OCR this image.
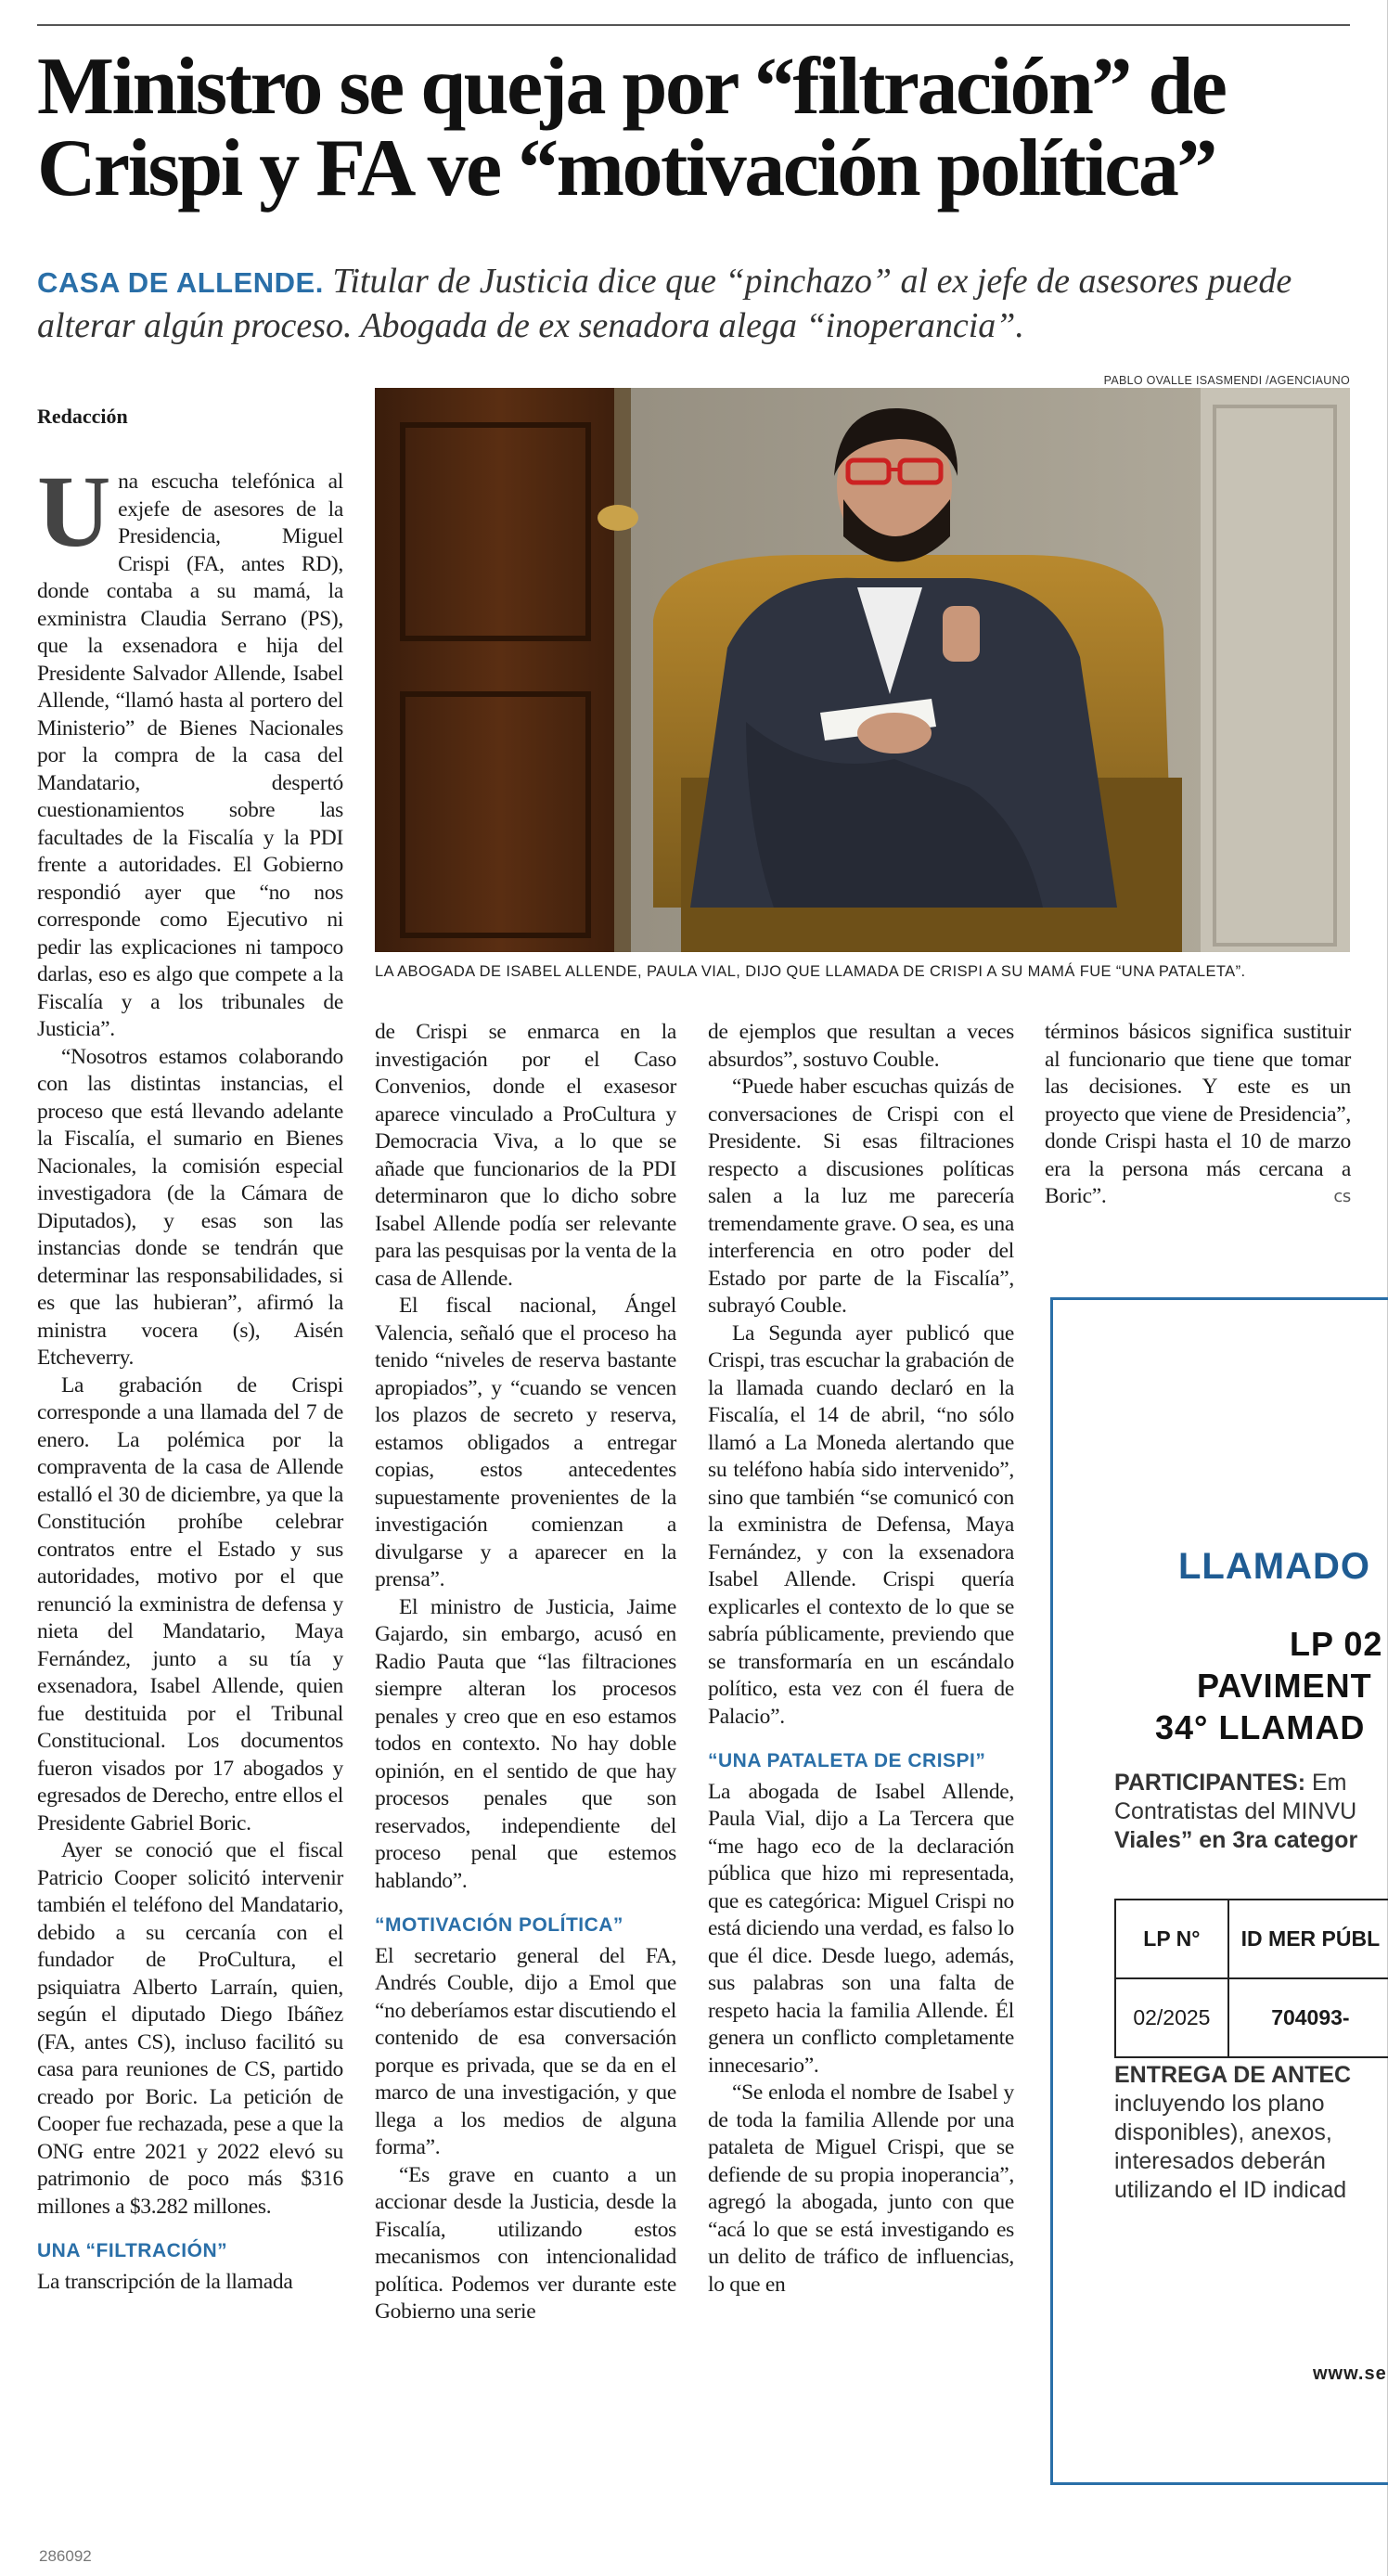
Ministro se queja por “filtración” de
Crispi y FA ve “motivación política”
CASA DE ALLENDE. Titular de Justicia dice que “pinchazo” al ex jefe de asesores puede alterar algún proceso. Abogada de ex senadora alega “inoperancia”.
Redacción
PABLO OVALLE ISASMENDI /AGENCIAUNO
LA ABOGADA DE ISABEL ALLENDE, PAULA VIAL, DIJO QUE LLAMADA DE CRISPI A SU MAMÁ FUE “UNA PATALETA”.

Una escucha telefónica al exjefe de asesores de la Presidencia, Miguel Crispi (FA, antes RD), donde contaba a su mamá, la exministra Claudia Serrano (PS), que la exsenadora e hija del Presidente Salvador Allende, Isabel Allende, “llamó hasta al portero del Ministerio” de Bienes Nacionales por la compra de la casa del Mandatario, despertó cuestionamientos sobre las facultades de la Fiscalía y la PDI frente a autoridades. El Gobierno respondió ayer que “no nos corresponde como Ejecutivo ni pedir las explicaciones ni tampoco darlas, eso es algo que compete a la Fiscalía y a los tribunales de Justicia”.

“Nosotros estamos colaborando con las distintas instancias, el proceso que está llevando adelante la Fiscalía, el sumario en Bienes Nacionales, la comisión especial investigadora (de la Cámara de Diputados), y esas son las instancias donde se tendrán que determinar las responsabilidades, si es que las hubieran”, afirmó la ministra vocera (s), Aisén Etcheverry.

La grabación de Crispi corresponde a una llamada del 7 de enero. La polémica por la compraventa de la casa de Allende estalló el 30 de diciembre, ya que la Constitución prohíbe celebrar contratos entre el Estado y sus autoridades, motivo por el que renunció la exministra de defensa y nieta del Mandatario, Maya Fernández, junto a su tía y exsenadora, Isabel Allende, quien fue destituida por el Tribunal Constitucional. Los documentos fueron visados por 17 abogados y egresados de Derecho, entre ellos el Presidente Gabriel Boric.

Ayer se conoció que el fiscal Patricio Cooper solicitó intervenir también el teléfono del Mandatario, debido a su cercanía con el fundador de ProCultura, el psiquiatra Alberto Larraín, quien, según el diputado Diego Ibáñez (FA, antes CS), incluso facilitó su casa para reuniones de CS, partido creado por Boric. La petición de Cooper fue rechazada, pese a que la ONG entre 2021 y 2022 elevó su patrimonio de poco más $316 millones a $3.282 millones.

UNA “FILTRACIÓN”

La transcripción de la llamada

de Crispi se enmarca en la investigación por el Caso Convenios, donde el exasesor aparece vinculado a ProCultura y Democracia Viva, a lo que se añade que funcionarios de la PDI determinaron que lo dicho sobre Isabel Allende podía ser relevante para las pesquisas por la venta de la casa de Allende.

El fiscal nacional, Ángel Valencia, señaló que el proceso ha tenido “niveles de reserva bastante apropiados”, y “cuando se vencen los plazos de secreto y reserva, estamos obligados a entregar copias, estos antecedentes supuestamente provenientes de la investigación comienzan a divulgarse y a aparecer en la prensa”.

El ministro de Justicia, Jaime Gajardo, sin embargo, acusó en Radio Pauta que “las filtraciones siempre alteran los procesos penales y creo que en eso estamos todos en contexto. No hay doble opinión, en el sentido de que hay procesos penales que son reservados, independiente del proceso penal que estemos hablando”.

“MOTIVACIÓN POLÍTICA”

El secretario general del FA, Andrés Couble, dijo a Emol que “no deberíamos estar discutiendo el contenido de esa conversación porque es privada, que se da en el marco de una investigación, y que llega a los medios de alguna forma”.

“Es grave en cuanto a un accionar desde la Justicia, desde la Fiscalía, utilizando estos mecanismos con intencionalidad política. Podemos ver durante este Gobierno una serie

de ejemplos que resultan a veces absurdos”, sostuvo Couble.

“Puede haber escuchas quizás de conversaciones de Crispi con el Presidente. Si esas filtraciones respecto a discusiones políticas salen a la luz me parecería tremendamente grave. O sea, es una interferencia en otro poder del Estado por parte de la Fiscalía”, subrayó Couble.

La Segunda ayer publicó que Crispi, tras escuchar la grabación de la llamada cuando declaró en la Fiscalía, el 14 de abril, “no sólo llamó a La Moneda alertando que su teléfono había sido intervenido”, sino que también “se comunicó con la exministra de Defensa, Maya Fernández, y con la exsenadora Isabel Allende. Crispi quería explicarles el contexto de lo que se sabría públicamente, previendo que se transformaría en un escándalo político, esta vez con él fuera de Palacio”.

“UNA PATALETA DE CRISPI”

La abogada de Isabel Allende, Paula Vial, dijo a La Tercera que “me hago eco de la declaración pública que hizo mi representada, que es categórica: Miguel Crispi no está diciendo una verdad, es falso lo que él dice. Desde luego, además, sus palabras son una falta de respeto hacia la familia Allende. Él genera un conflicto completamente innecesario”.

“Se enloda el nombre de Isabel y de toda la familia Allende por una pataleta de Miguel Crispi, que se defiende de su propia inoperancia”, agregó la abogada, junto con que “acá lo que se está investigando es un delito de tráfico de influencias, lo que en

términos básicos significa sustituir al funcionario que tiene que tomar las decisiones. Y este es un proyecto que viene de Presidencia”, donde Crispi hasta el 10 de marzo era la persona más cercana a Boric”.	cs

LLAMADO
LP 02
PAVIMENT
34° LLAMAD
PARTICIPANTES: Em
Contratistas del MINVU
Viales” en 3ra categor
LP N°	ID MER PÚBL
02/2025	704093-
ENTREGA DE ANTEC
incluyendo los plano
disponibles), anexos,
interesados deberán
utilizando el ID indicad
www.se
286092
